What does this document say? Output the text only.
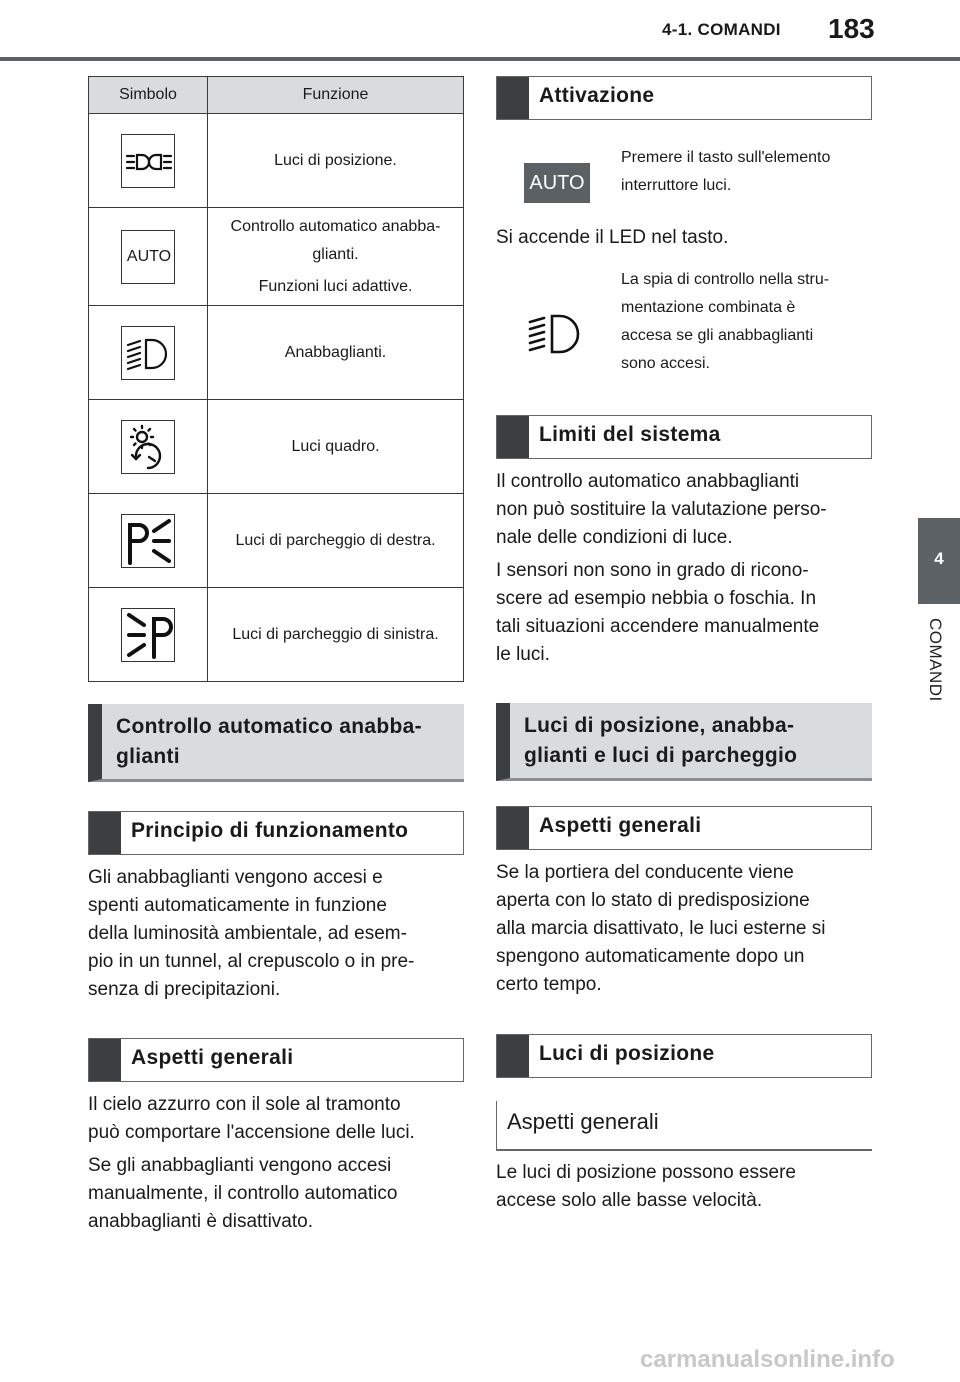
4-1. COMANDI 183
4
COMANDI
Simbolo	Funzione

	Luci di posizione.

AUTO	Controllo automatico anabba-
glianti.
Funzioni luci adattive.

	Anabbaglianti.

	Luci quadro.

	Luci di parcheggio di destra.

	Luci di parcheggio di sinistra.
Controllo automatico anabba-
glianti
Principio di funzionamento
Gli anabbaglianti vengono accesi e
spenti automaticamente in funzione
della luminosità ambientale, ad esem-
pio in un tunnel, al crepuscolo o in pre-
senza di precipitazioni.
Aspetti generali
Il cielo azzurro con il sole al tramonto
può comportare l'accensione delle luci.
Se gli anabbaglianti vengono accesi
manualmente, il controllo automatico
anabbaglianti è disattivato.
Attivazione
AUTO
Premere il tasto sull'elemento
interruttore luci.
Si accende il LED nel tasto.
La spia di controllo nella stru-
mentazione combinata è
accesa se gli anabbaglianti
sono accesi.
Limiti del sistema
Il controllo automatico anabbaglianti
non può sostituire la valutazione perso-
nale delle condizioni di luce.
I sensori non sono in grado di ricono-
scere ad esempio nebbia o foschia. In
tali situazioni accendere manualmente
le luci.
Luci di posizione, anabba-
glianti e luci di parcheggio
Aspetti generali
Se la portiera del conducente viene
aperta con lo stato di predisposizione
alla marcia disattivato, le luci esterne si
spengono automaticamente dopo un
certo tempo.
Luci di posizione
Aspetti generali
Le luci di posizione possono essere
accese solo alle basse velocità.
carmanualsonline.info
